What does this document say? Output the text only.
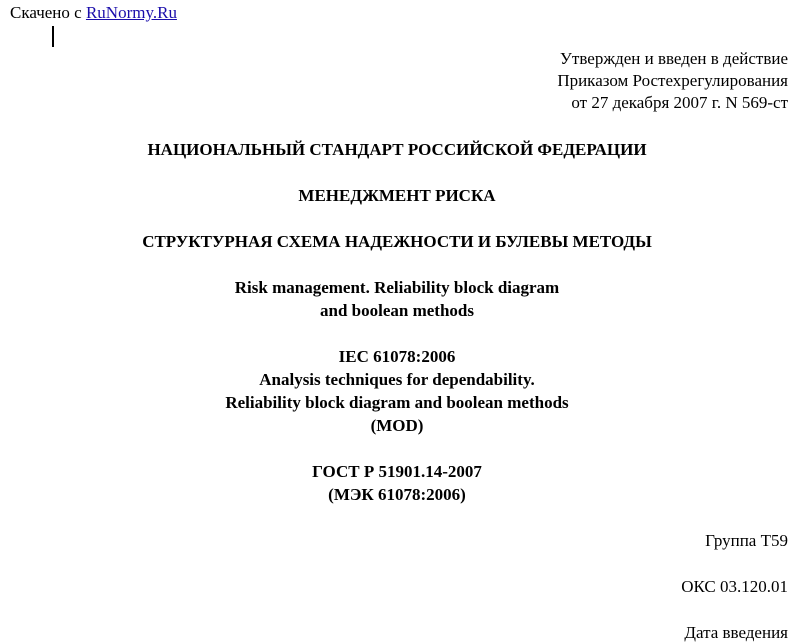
Скачено с RuNormy.Ru
Утвержден и введен в действие
Приказом Ростехрегулирования
от 27 декабря 2007 г. N 569-ст
НАЦИОНАЛЬНЫЙ СТАНДАРТ РОССИЙСКОЙ ФЕДЕРАЦИИ
МЕНЕДЖМЕНТ РИСКА
СТРУКТУРНАЯ СХЕМА НАДЕЖНОСТИ И БУЛЕВЫ МЕТОДЫ
Risk management. Reliability block diagram
and boolean methods
IEC 61078:2006
Analysis techniques for dependability.
Reliability block diagram and boolean methods
(MOD)
ГОСТ Р 51901.14-2007
(МЭК 61078:2006)
Группа Т59
ОКС 03.120.01
Дата введения
